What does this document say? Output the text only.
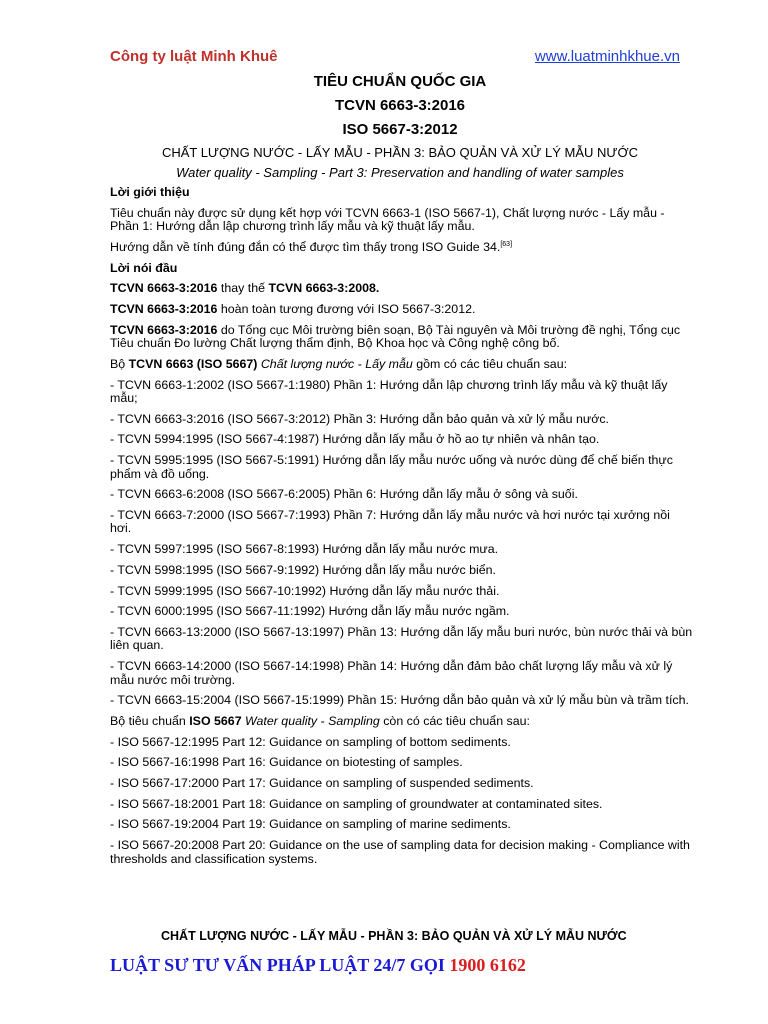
Công ty luật Minh Khuê	www.luatminhkhue.vn
TIÊU CHUẨN QUỐC GIA
TCVN 6663-3:2016
ISO 5667-3:2012
CHẤT LƯỢNG NƯỚC - LẤY MẪU - PHẦN 3: BẢO QUẢN VÀ XỬ LÝ MẪU NƯỚC
Water quality - Sampling - Part 3: Preservation and handling of water samples

Lời giới thiệu

Tiêu chuẩn này được sử dụng kết hợp với TCVN 6663-1 (ISO 5667-1), Chất lượng nước - Lấy mẫu - Phần 1: Hướng dẫn lập chương trình lấy mẫu và kỹ thuật lấy mẫu.

Hướng dẫn về tính đúng đắn có thể được tìm thấy trong ISO Guide 34.[63]

Lời nói đầu

TCVN 6663-3:2016 thay thế TCVN 6663-3:2008.

TCVN 6663-3:2016 hoàn toàn tương đương với ISO 5667-3:2012.

TCVN 6663-3:2016 do Tổng cục Môi trường biên soạn, Bộ Tài nguyên và Môi trường đề nghị, Tổng cục Tiêu chuẩn Đo lường Chất lượng thẩm định, Bộ Khoa học và Công nghệ công bố.

Bộ TCVN 6663 (ISO 5667) Chất lượng nước - Lấy mẫu gồm có các tiêu chuẩn sau:

- TCVN 6663-1:2002 (ISO 5667-1:1980) Phần 1: Hướng dẫn lập chương trình lấy mẫu và kỹ thuật lấy mẫu;

- TCVN 6663-3:2016 (ISO 5667-3:2012) Phần 3: Hướng dẫn bảo quản và xử lý mẫu nước.

- TCVN 5994:1995 (ISO 5667-4:1987) Hướng dẫn lấy mẫu ở hồ ao tự nhiên và nhân tạo.

- TCVN 5995:1995 (ISO 5667-5:1991) Hướng dẫn lấy mẫu nước uống và nước dùng để chế biến thực phẩm và đồ uống.

- TCVN 6663-6:2008 (ISO 5667-6:2005) Phần 6: Hướng dẫn lấy mẫu ở sông và suối.

- TCVN 6663-7:2000 (ISO 5667-7:1993) Phần 7: Hướng dẫn lấy mẫu nước và hơi nước tại xưởng nồi hơi.

- TCVN 5997:1995 (ISO 5667-8:1993) Hướng dẫn lấy mẫu nước mưa.

- TCVN 5998:1995 (ISO 5667-9:1992) Hướng dẫn lấy mẫu nước biển.

- TCVN 5999:1995 (ISO 5667-10:1992) Hướng dẫn lấy mẫu nước thải.

- TCVN 6000:1995 (ISO 5667-11:1992) Hướng dẫn lấy mẫu nước ngầm.

- TCVN 6663-13:2000 (ISO 5667-13:1997) Phần 13: Hướng dẫn lấy mẫu buri nước, bùn nước thải và bùn liên quan.

- TCVN 6663-14:2000 (ISO 5667-14:1998) Phần 14: Hướng dẫn đảm bảo chất lượng lấy mẫu và xử lý mẫu nước môi trường.

- TCVN 6663-15:2004 (ISO 5667-15:1999) Phần 15: Hướng dẫn bảo quản và xử lý mẫu bùn và trầm tích.

Bộ tiêu chuẩn ISO 5667 Water quality - Sampling còn có các tiêu chuẩn sau:

- ISO 5667-12:1995 Part 12: Guidance on sampling of bottom sediments.

- ISO 5667-16:1998 Part 16: Guidance on biotesting of samples.

- ISO 5667-17:2000 Part 17: Guidance on sampling of suspended sediments.

- ISO 5667-18:2001 Part 18: Guidance on sampling of groundwater at contaminated sites.

- ISO 5667-19:2004 Part 19: Guidance on sampling of marine sediments.

- ISO 5667-20:2008 Part 20: Guidance on the use of sampling data for decision making - Compliance with thresholds and classification systems.

CHẤT LƯỢNG NƯỚC - LẤY MẪU - PHẦN 3: BẢO QUẢN VÀ XỬ LÝ MẪU NƯỚC
LUẬT SƯ TƯ VẤN PHÁP LUẬT 24/7 GỌI 1900 6162
